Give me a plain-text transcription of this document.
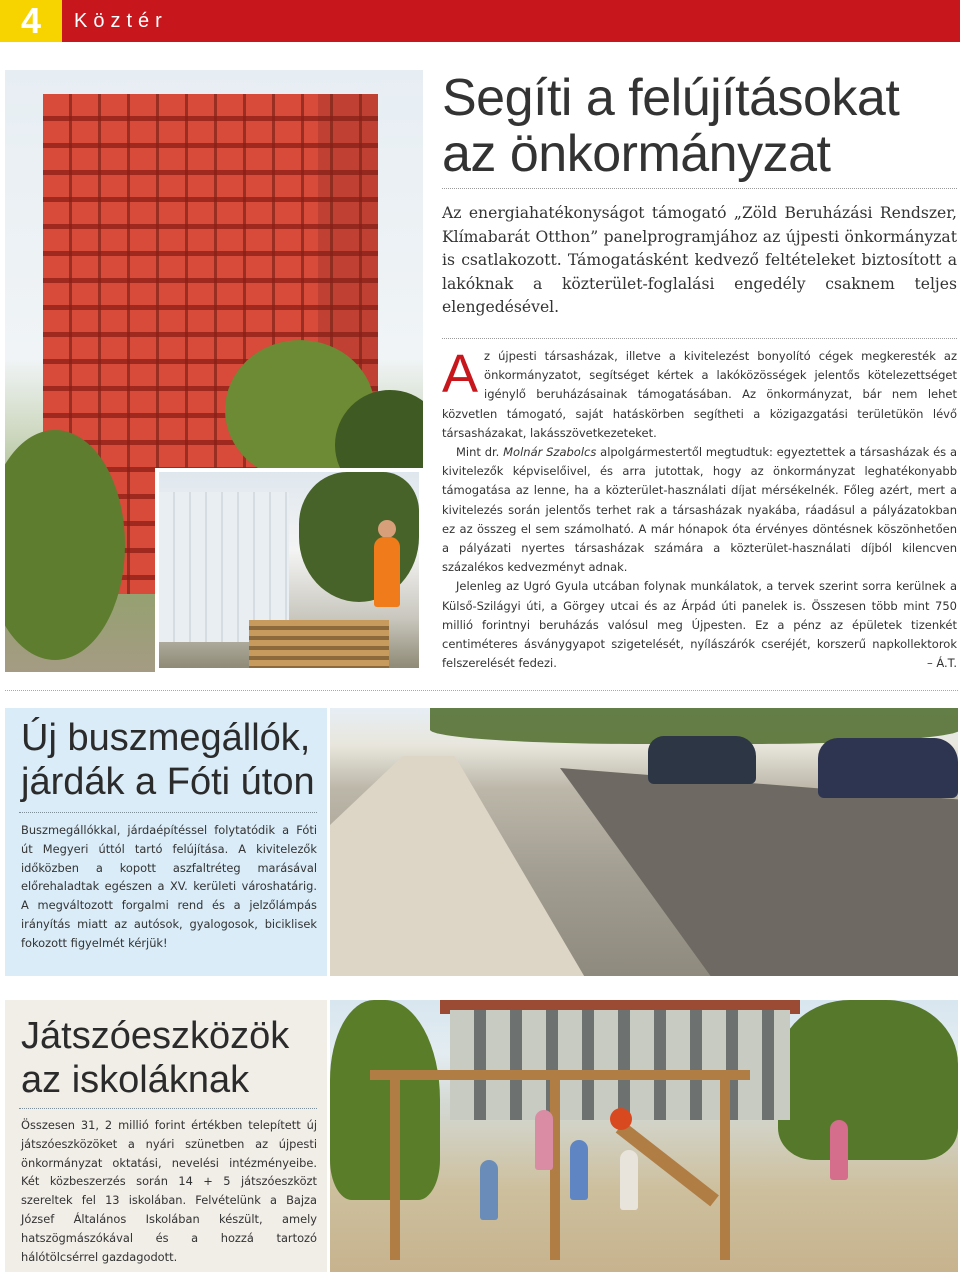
4	Köztér
Segíti a felújításokat az önkormányzat
Az energiahatékonyságot támogató „Zöld Beruházási Rendszer, Klímabarát Otthon” panelprogramjához az újpesti önkormányzat is csatlakozott. Támogatásként kedvező feltételeket biztosított a lakóknak a közterület-foglalási engedély csaknem teljes elengedésével.

Az újpesti társasházak, illetve a kivitelezést bonyolító cégek megkeresték az önkormányzatot, segítséget kértek a lakóközösségek jelentős kötelezettséget igénylő beruházásainak támogatásában. Az önkormányzat, bár nem lehet közvetlen támogató, saját hatáskörben segítheti a közigazgatási területükön lévő társasházakat, lakásszövetkezeteket.

Mint dr. Molnár Szabolcs alpolgármestertől megtudtuk: egyeztettek a társasházak és a kivitelezők képviselőivel, és arra jutottak, hogy az önkormányzat leghatékonyabb támogatása az lenne, ha a közterület-használati díjat mérsékelnék. Főleg azért, mert a kivitelezés során jelentős terhet rak a társasházak nyakába, ráadásul a pályázatokban ez az összeg el sem számolható. A már hónapok óta érvényes döntésnek köszönhetően a pályázati nyertes társasházak számára a közterület-használati díjból kilencven százalékos kedvezményt adnak.

Jelenleg az Ugró Gyula utcában folynak munkálatok, a tervek szerint sorra kerülnek a Külső-Szilágyi úti, a Görgey utcai és az Árpád úti panelek is. Összesen több mint 750 millió forintnyi beruházás valósul meg Újpesten. Ez a pénz az épületek tizenkét centiméteres ásványgyapot szigetelését, nyílászárók cseréjét, korszerű napkollektorok felszerelését fedezi.	– Á.T.
Új buszmegállók, járdák a Fóti úton
Buszmegállókkal, járdaépítéssel folytatódik a Fóti út Megyeri úttól tartó felújítása. A kivitelezők időközben a kopott aszfaltréteg marásával előrehaladtak egészen a XV. kerületi városhatárig. A megváltozott forgalmi rend és a jelzőlámpás irányítás miatt az autósok, gyalogosok, biciklisek fokozott figyelmét kérjük!
Játszóeszközök az iskoláknak
Összesen 31, 2 millió forint értékben telepített új játszóeszközöket a nyári szünetben az újpesti önkormányzat oktatási, nevelési intézményeibe. Két közbeszerzés során 14 + 5 játszóeszközt szereltek fel 13 iskolában. Felvételünk a Bajza József Általános Iskolában készült, amely hatszögmászókával és a hozzá tartozó hálótölcsérrel gazdagodott.
